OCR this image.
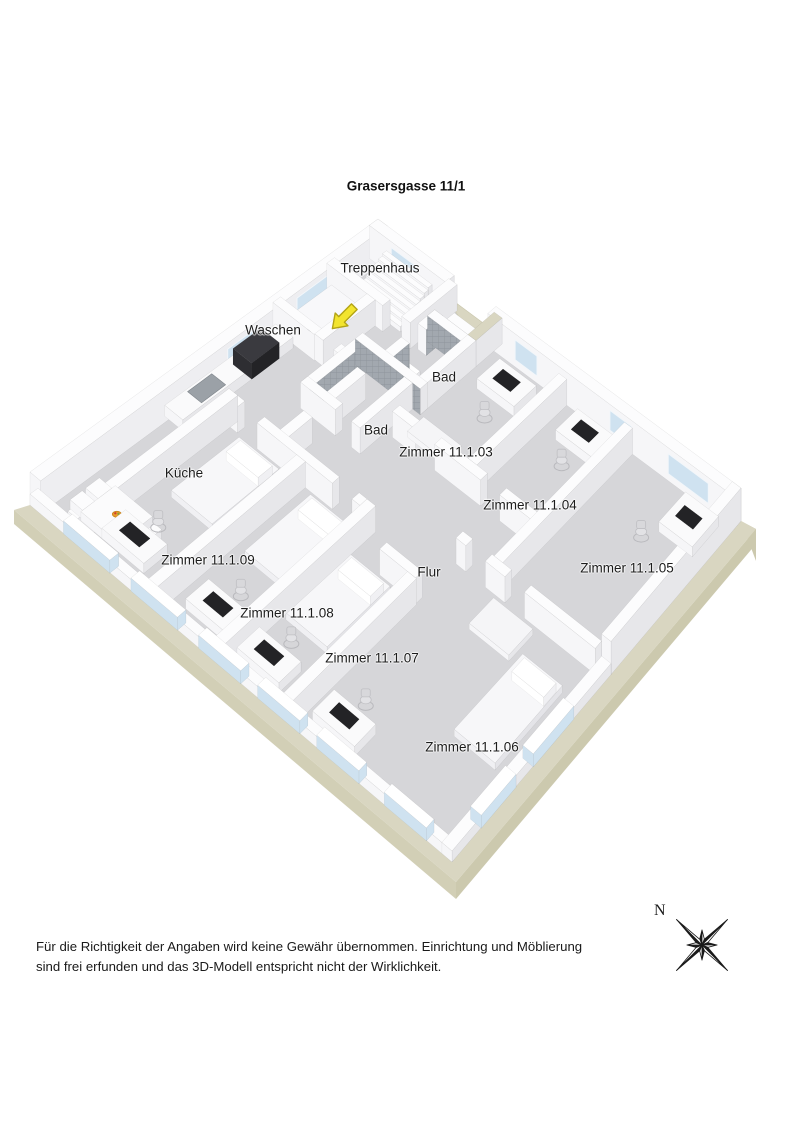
Grasersgasse 11/1
Treppenhaus
Waschen
Bad
Bad
Zimmer 11.1.03
Zimmer 11.1.04
Zimmer 11.1.05
Küche
Zimmer 11.1.09
Flur
Zimmer 11.1.08
Zimmer 11.1.07
Zimmer 11.1.06
N
Für die Richtigkeit der Angaben wird keine Gewähr übernommen. Einrichtung und Möblierung
sind frei erfunden und das 3D-Modell entspricht nicht der Wirklichkeit.
